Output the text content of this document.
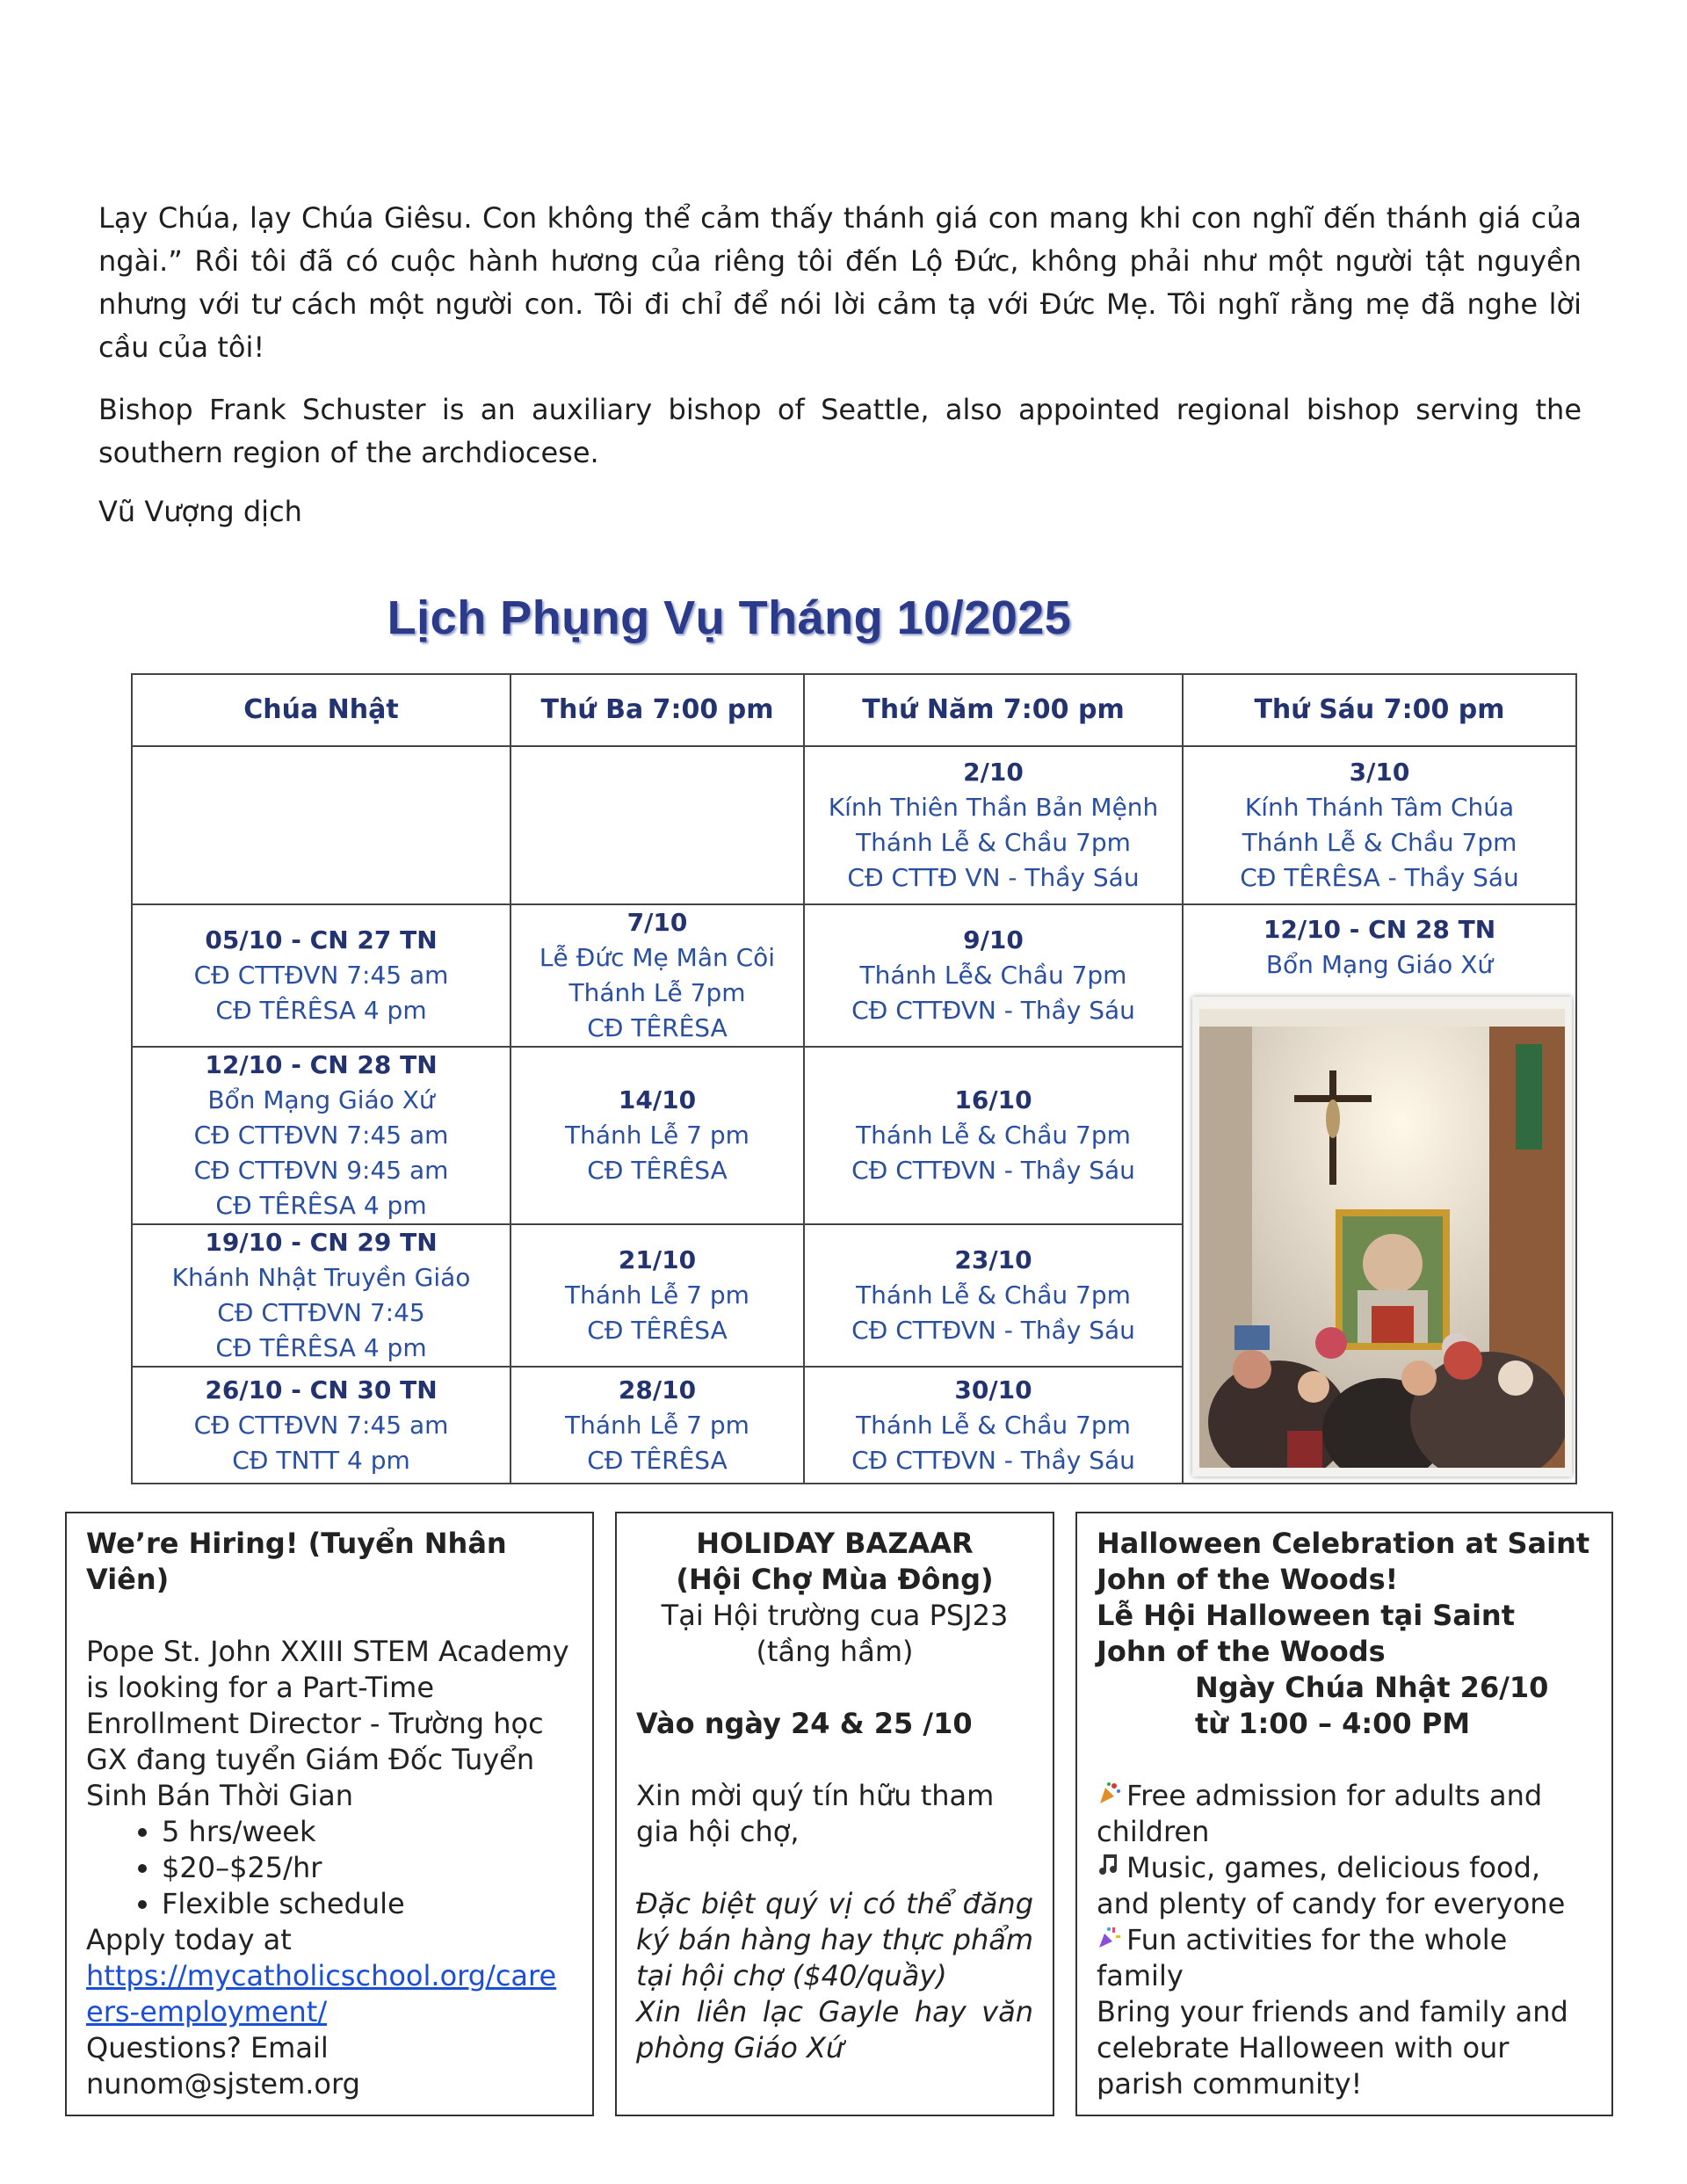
Lạy Chúa, lạy Chúa Giêsu. Con không thể cảm thấy thánh giá con mang khi con nghĩ đến thánh giá của ngài.” Rồi tôi đã có cuộc hành hương của riêng tôi đến Lộ Đức, không phải như một người tật nguyền nhưng với tư cách một người con. Tôi đi chỉ để nói lời cảm tạ với Đức Mẹ. Tôi nghĩ rằng mẹ đã nghe lời cầu của tôi!

Bishop Frank Schuster is an auxiliary bishop of Seattle, also appointed regional bishop serving the southern region of the archdiocese.

Vũ Vượng dịch

Lịch Phụng Vụ Tháng 10/2025
Chúa Nhật	Thứ Ba 7:00 pm	Thứ Năm 7:00 pm	Thứ Sáu 7:00 pm

		2/10
Kính Thiên Thần Bản Mệnh
Thánh Lễ & Chầu 7pm
CĐ CTTĐ VN - Thầy Sáu	3/10
Kính Thánh Tâm Chúa
Thánh Lễ & Chầu 7pm
CĐ TÊRÊSA - Thầy Sáu

05/10 - CN 27 TN
CĐ CTTĐVN 7:45 am
CĐ TÊRÊSA 4 pm	7/10
Lễ Đức Mẹ Mân Côi
Thánh Lễ 7pm
CĐ TÊRÊSA	9/10
Thánh Lễ& Chầu 7pm
CĐ CTTĐVN - Thầy Sáu	12/10 - CN 28 TN
Bổn Mạng Giáo Xứ

12/10 - CN 28 TN
Bổn Mạng Giáo Xứ
CĐ CTTĐVN 7:45 am
CĐ CTTĐVN 9:45 am
CĐ TÊRÊSA 4 pm	14/10
Thánh Lễ 7 pm
CĐ TÊRÊSA	16/10
Thánh Lễ & Chầu 7pm
CĐ CTTĐVN - Thầy Sáu	

19/10 - CN 29 TN
Khánh Nhật Truyền Giáo
CĐ CTTĐVN 7:45
CĐ TÊRÊSA 4 pm	21/10
Thánh Lễ 7 pm
CĐ TÊRÊSA	23/10
Thánh Lễ & Chầu 7pm
CĐ CTTĐVN - Thầy Sáu	

26/10 - CN 30 TN
CĐ CTTĐVN 7:45 am
CĐ TNTT 4 pm	28/10
Thánh Lễ 7 pm
CĐ TÊRÊSA	30/10
Thánh Lễ & Chầu 7pm
CĐ CTTĐVN - Thầy Sáu	
We’re Hiring! (Tuyển Nhân Viên)
Pope St. John XXIII STEM Academy is looking for a Part-Time Enrollment Director - Trường học GX đang tuyển Giám Đốc Tuyển Sinh Bán Thời Gian
• 5 hrs/week
• $20–$25/hr
• Flexible schedule
Apply today at
https://mycatholicschool.org/careers-employment/
Questions? Email
nunom@sjstem.org
HOLIDAY BAZAAR
(Hội Chợ Mùa Đông)
Tại Hội trường cua PSJ23 (tầng hầm)
Vào ngày 24 & 25 /10
Xin mời quý tín hữu tham gia hội chợ,
Đặc biệt quý vị có thể đăng ký bán hàng hay thực phẩm tại hội chợ ($40/quầy)
Xin liên lạc Gayle hay văn phòng Giáo Xứ
Halloween Celebration at Saint John of the Woods!
Lễ Hội Halloween tại Saint John of the Woods
Ngày Chúa Nhật 26/10
từ 1:00 – 4:00 PM
Free admission for adults and children
Music, games, delicious food, and plenty of candy for everyone
Fun activities for the whole family
Bring your friends and family and celebrate Halloween with our parish community!
